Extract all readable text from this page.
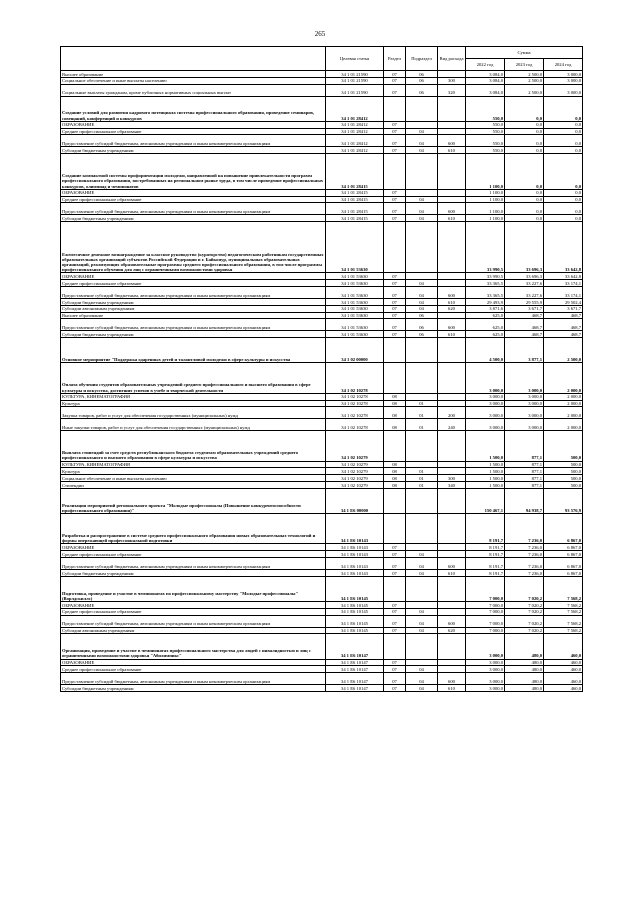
265
	Целевая статья	Раздел	Подраздел	Вид расхода	Сумма		
					2022 год	2023 год	2024 год
Высшее образование	34 1 01 21590	07	06		3 084,0	2 500,0	3 000,0
Социальное обеспечение и иные выплаты населению	34 1 01 21590	07	06	300	3 084,0	2 500,0	3 000,0
Социальные выплаты гражданам, кроме публичных нормативных социальных выплат	34 1 01 21590	07	06	320	3 084,0	2 500,0	3 000,0
Создание условий для развития кадрового потенциала системы профессионального образования, проведение семинаров, совещаний, конференций и конкурсов	34 1 01 28412				550,0	0,0	0,0
ОБРАЗОВАНИЕ	34 1 01 28412	07			550,0	0,0	0,0
Среднее профессиональное образование	34 1 01 28412	07	04		550,0	0,0	0,0
Предоставление субсидий бюджетным, автономным учреждениям и иным некоммерческим организациям	34 1 01 28412	07	04	600	550,0	0,0	0,0
Субсидии бюджетным учреждениям	34 1 01 28412	07	04	610	550,0	0,0	0,0
Создание компактной системы профориентации молодежи, направленной на повышение привлекательности программ профессионального образования, востребованных на региональном рынке труда, в том числе проведение профессиональных конкурсов, олимпиад и чемпионатов	34 1 01 28415				1 100,0	0,0	0,0
ОБРАЗОВАНИЕ	34 1 01 28415	07			1 100,0	0,0	0,0
Среднее профессиональное образование	34 1 01 28415	07	04		1 100,0	0,0	0,0
Предоставление субсидий бюджетным, автономным учреждениям и иным некоммерческим организациям	34 1 01 28415	07	04	600	1 100,0	0,0	0,0
Субсидии бюджетным учреждениям	34 1 01 28415	07	04	610	1 100,0	0,0	0,0
Ежемесячное денежное вознаграждение за классное руководство (кураторство) педагогическим работникам государственных образовательных организаций субъектов Российской Федерации и г. Байконур, муниципальных образовательных организаций, реализующих образовательные программы среднего профессионального образования, в том числе программы профессионального обучения для лиц с ограниченными возможностями здоровья	34 1 01 53630				33 990,5	33 696,3	33 642,8
ОБРАЗОВАНИЕ	34 1 01 53630	07			33 990,5	33 696,3	33 642,8
Среднее профессиональное образование	34 1 01 53630	07	04		33 365,5	33 227,6	33 174,1
Предоставление субсидий бюджетным, автономным учреждениям и иным некоммерческим организациям	34 1 01 53630	07	04	600	33 365,5	33 227,6	33 174,1
Субсидии бюджетным учреждениям	34 1 01 53630	07	04	610	29 493,9	29 555,9	29 502,4
Субсидии автономным учреждениям	34 1 01 53630	07	04	620	3 871,6	3 671,7	3 671,7
Высшее образование	34 1 01 53630	07	06		625,0	468,7	468,7
Предоставление субсидий бюджетным, автономным учреждениям и иным некоммерческим организациям	34 1 01 53630	07	06	600	625,0	468,7	468,7
Субсидии бюджетным учреждениям	34 1 01 53630	07	06	610	625,0	468,7	468,7
Основное мероприятие "Поддержка одаренных детей и талантливой молодежи в сфере культуры и искусства	34 1 02 00000				4 500,0	3 877,1	2 500,0
Оплата обучения студентов образовательных учреждений среднего профессионального и высшего образования в сфере культуры и искусства, достигших успехов в учебе и творческой деятельности	34 1 02 10278				3 000,0	3 000,0	2 000,0
КУЛЬТУРА, КИНЕМАТОГРАФИЯ	34 1 02 10278	08			3 000,0	3 000,0	2 000,0
Культура	34 1 02 10278	08	01		3 000,0	3 000,0	2 000,0
Закупка товаров, работ и услуг для обеспечения государственных (муниципальных) нужд	34 1 02 10278	08	01	200	3 000,0	3 000,0	2 000,0
Иные закупки товаров, работ и услуг для обеспечения государственных (муниципальных) нужд	34 1 02 10278	08	01	240	3 000,0	3 000,0	2 000,0
Выплата стипендий за счет средств республиканского бюджета студентам образовательных учреждений среднего профессионального и высшего образования в сфере культуры и искусства	34 1 02 10279				1 500,0	877,1	500,0
КУЛЬТУРА, КИНЕМАТОГРАФИЯ	34 1 02 10279	08			1 500,0	877,1	500,0
Культура	34 1 02 10279	08	01		1 500,0	877,1	500,0
Социальное обеспечение и иные выплаты населению	34 1 02 10279	08	01	300	1 500,0	877,1	500,0
Стипендии	34 1 02 10279	08	01	340	1 500,0	877,1	500,0
Реализация мероприятий регионального проекта "Молодые профессионалы (Повышение конкурентоспособности профессионального образования)"	34 1 E6 00000				150 467,1	94 938,7	93 576,9
Разработка и распространение в системе среднего профессионального образования новых образовательных технологий и формы опережающей профессиональной подготовки	34 1 E6 10143				8 191,7	7 236,0	6 867,0
ОБРАЗОВАНИЕ	34 1 E6 10143	07			8 191,7	7 236,0	6 867,0
Среднее профессиональное образование	34 1 E6 10143	07	04		8 191,7	7 236,0	6 867,0
Предоставление субсидий бюджетным, автономным учреждениям и иным некоммерческим организациям	34 1 E6 10143	07	04	600	8 191,7	7 236,0	6 867,0
Субсидии бюджетным учреждениям	34 1 E6 10143	07	04	610	8 191,7	7 236,0	6 867,0
Подготовка, проведение и участие в чемпионатах по профессиональному мастерству "Молодые профессионалы" (Ворлдскиллс)	34 1 E6 10145				7 000,0	7 020,2	7 568,2
ОБРАЗОВАНИЕ	34 1 E6 10145	07			7 000,0	7 020,2	7 568,2
Среднее профессиональное образование	34 1 E6 10145	07	04		7 000,0	7 020,2	7 568,2
Предоставление субсидий бюджетным, автономным учреждениям и иным некоммерческим организациям	34 1 E6 10145	07	04	600	7 000,0	7 020,2	7 568,2
Субсидии автономным учреждениям	34 1 E6 10145	07	04	620	7 000,0	7 020,2	7 568,2
Организация, проведение и участие в чемпионатах профессионального мастерства для людей с инвалидностью и лиц с ограниченными возможностями здоровья "Абилимпикс"	34 1 E6 10147				3 000,0	480,0	460,0
ОБРАЗОВАНИЕ	34 1 E6 10147	07			3 000,0	480,0	460,0
Среднее профессиональное образование	34 1 E6 10147	07	04		3 000,0	480,0	460,0
Предоставление субсидий бюджетным, автономным учреждениям и иным некоммерческим организациям	34 1 E6 10147	07	04	600	3 000,0	480,0	460,0
Субсидии бюджетным учреждениям	34 1 E6 10147	07	04	610	3 000,0	480,0	460,0
